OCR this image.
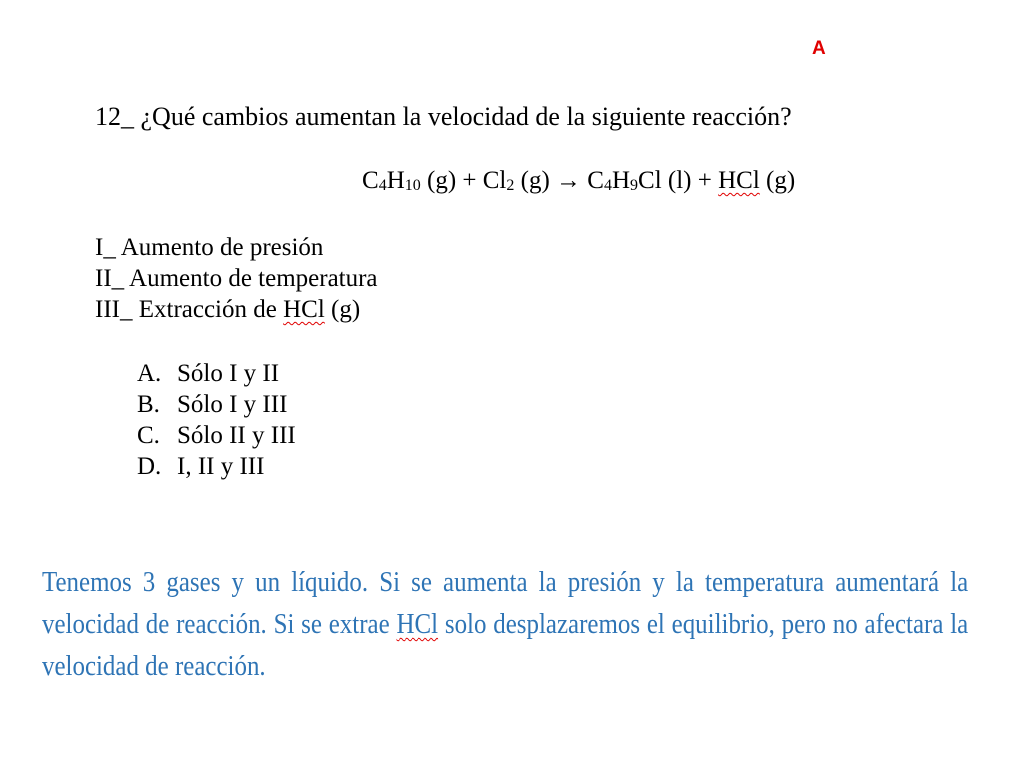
A
12_ ¿Qué cambios aumentan la velocidad de la siguiente reacción?
$C_4H_{10}$ $(g) + Cl_2$ $(g) \to C_4H_9Cl$ (l) + HCl (g)
I_ Aumento de presión
II_ Aumento de temperatura
III_ Extracción de HCl (g)
A. Sólo I y II
B. Sólo I y III
C. Sólo II y III
D. I, II y III
Tenemos 3 gases y un líquido. Si se aumenta la presión y la temperatura aumentará la velocidad de reacción. Si se extrae HCl solo desplazaremos el equilibrio, pero no afectara la velocidad de reacción.
